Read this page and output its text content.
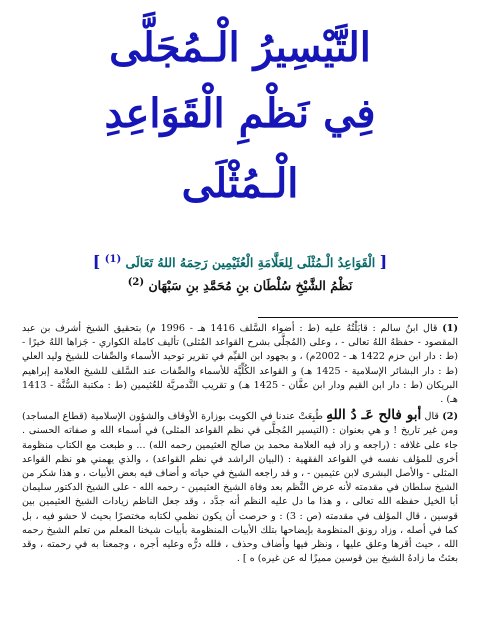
التَّيْسِيرُ الْـمُجَلَّى
فِي نَظْمِ الْقَوَاعِدِ
الْـمُثْلَى
[ الْقَوَاعِدُ الْـمُثْلَى لِلعَلَّامَةِ الْعُثَيْمِين رَحِمَهُ اللهُ تَعَالَى $^{(1)}$ ]
نَظْمُ الشَّيْخِ سُلْطَان بنِ مُحَمَّدِ بنِ سَبْهَان $^{(2)}$

(1) قال ابنُ سالم : قابَلْتُهُ عليه (ط : أضواء السَّلف 1416 هـ - 1996 م) بتحقيق الشيخ أشرف بن عبد المقصود - حفظهُ اللهُ تعالى - ، وعلى (المُجلَّى بشرح القواعد المُثلى) تأليف كاملة الكواري - جَزاها اللهُ خيرًا - (ط : دار ابن حزم 1422 هـ - 2002م) ، و بجهود ابن القيِّم في تقرير توحيد الأسماء والصِّفات للشيخ وليد العلي (ط : دار البشائر الإسلامية - 1425 هـ) و القواعد الكُلِّيَّة للأسماء والصِّفات عند السَّلف للشيخ العلامة إبراهيم البريكان (ط : دار ابن القيم ودار ابن عفَّان - 1425 هـ) و تقريب التَّدمريَّة للعُثيمين (ط : مكتبة السُّنَّة - 1413 هـ) .

(2) قال أبو فالح عَـ دُ اللهِ طُبِعَتْ عندنا في الكويت بوزارة الأوقاف والشؤون الإسلامية (قطاع المساجد) ومن غير تاريخ ! و هي بعنوان : (التيسير المُجلَّى في نظم القواعد المثلى) في أسماء الله و صفاته الحسنى . جاء على غلافه : (راجعه و زاد فيه العلامة محمد بن صالح العثيمين رحمه الله) ... و طبعت مع الكتاب منظومة أخرى للمؤلف نفسه في القواعد الفقهية : (البيان الراشد في نظم القواعد) ، والذي يهمني هو نظم القواعد المثلى - والأصل البشرى لابن عثيمين - ، و قد راجعه الشيخ في حياته و أضاف فيه بعض الأبيات ، و هذا شكر من الشيخ سلطان في مقدمته لأنه عرض النَّظم بعد وفاة الشيخ العثيمين - رحمه الله - على الشيخ الدكتور سليمان أبا الخيل حفظه الله تعالى ، و هذا ما دل عليه النظم أنه جدَّد ، وقد جعل الناظم زيادات الشيخ العثيمين بين قوسين ، قال المؤلف في مقدمته (ص : 3) : و حرصت أن يكون نظمي لكتابه مختصرًا بحيث لا حشو فيه ، بل كما في أصله ، وزاد رونق المنظومة بإيضاحها بتلك الأبيات المنظومة بأبيات شيخنا المعلم من تعلم الشيخ رحمه الله ، حيث أقرها وعلق عليها ، ونظر فيها وأضاف وحذف ، فلله درُّه وعليه أجره ، وجمعنا به في رحمته ، وقد بعثتُ ما زادهُ الشيخ بين قوسين مميزًا له عن غيره) ه ] .
